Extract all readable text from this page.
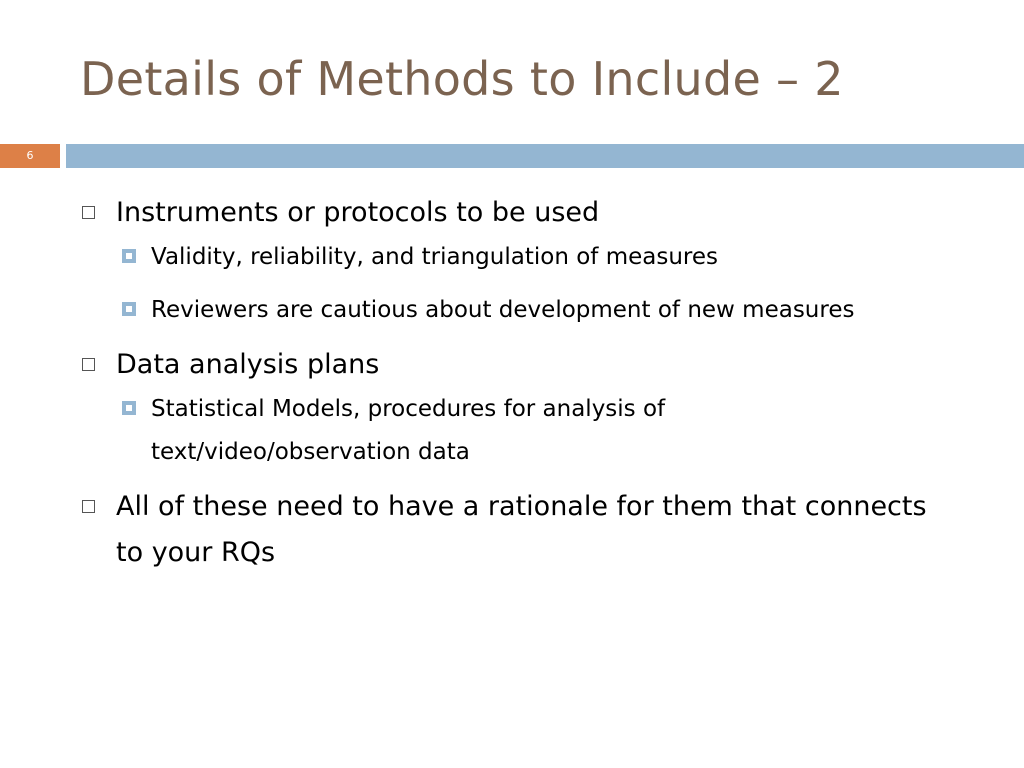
Details of Methods to Include – 2
6

Instruments or protocols to be used

Validity, reliability, and triangulation of measures

Reviewers are cautious about development of new measures

Data analysis plans

Statistical Models, procedures for analysis of text/video/observation data

All of these need to have a rationale for them that connects to your RQs
